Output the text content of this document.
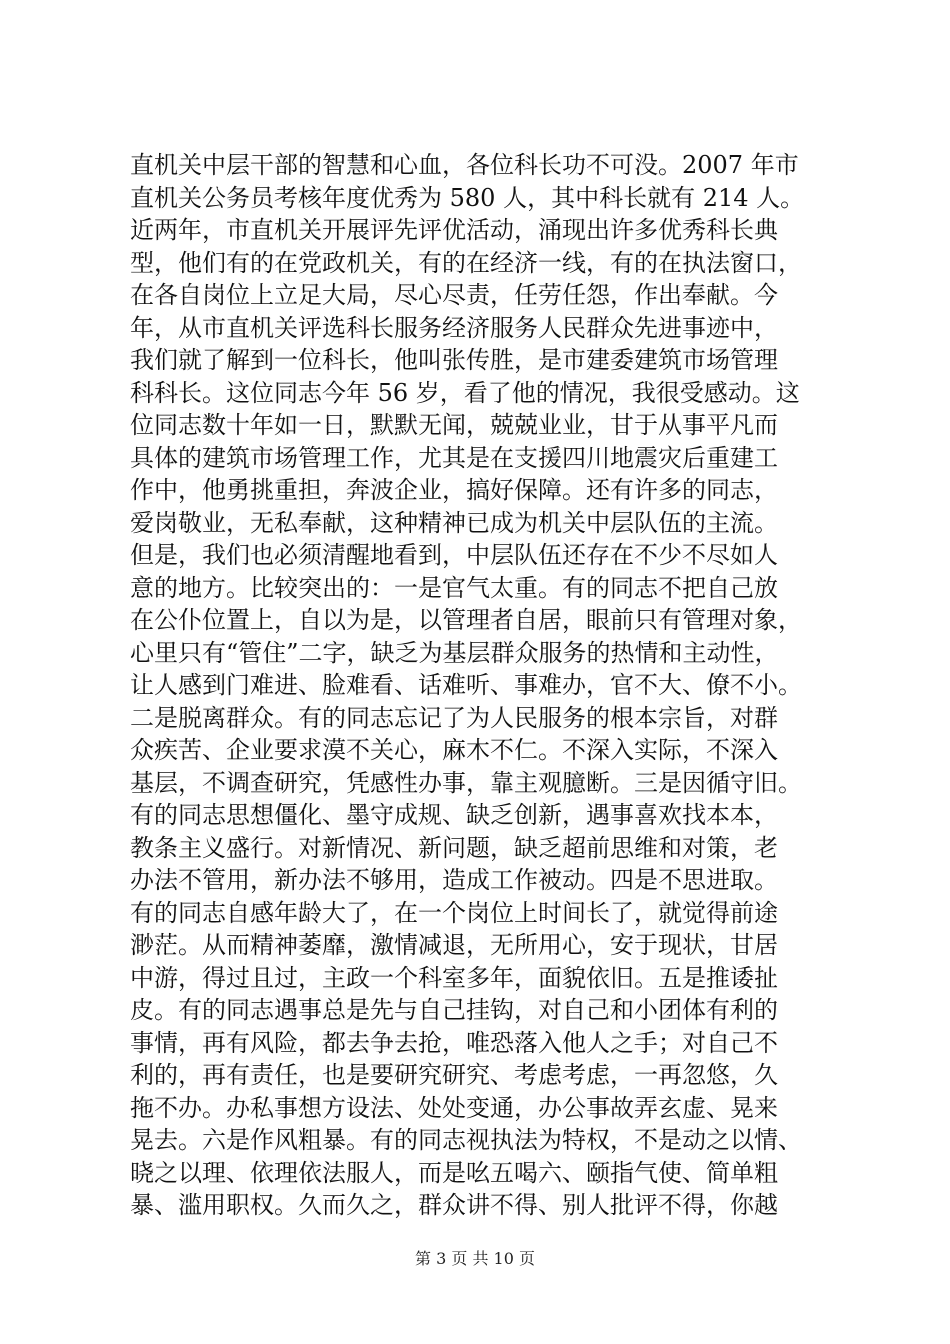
直机关中层干部的智慧和心血，各位科长功不可没。2007 年市
直机关公务员考核年度优秀为 580 人，其中科长就有 214 人。
近两年，市直机关开展评先评优活动，涌现出许多优秀科长典
型，他们有的在党政机关，有的在经济一线，有的在执法窗口，
在各自岗位上立足大局，尽心尽责，任劳任怨，作出奉献。今
年，从市直机关评选科长服务经济服务人民群众先进事迹中，
我们就了解到一位科长，他叫张传胜，是市建委建筑市场管理
科科长。这位同志今年 56 岁，看了他的情况，我很受感动。这
位同志数十年如一日，默默无闻，兢兢业业，甘于从事平凡而
具体的建筑市场管理工作，尤其是在支援四川地震灾后重建工
作中，他勇挑重担，奔波企业，搞好保障。还有许多的同志，
爱岗敬业，无私奉献，这种精神已成为机关中层队伍的主流。
但是，我们也必须清醒地看到，中层队伍还存在不少不尽如人
意的地方。比较突出的：一是官气太重。有的同志不把自己放
在公仆位置上，自以为是，以管理者自居，眼前只有管理对象，
心里只有“管住”二字，缺乏为基层群众服务的热情和主动性，
让人感到门难进、脸难看、话难听、事难办，官不大、僚不小。
二是脱离群众。有的同志忘记了为人民服务的根本宗旨，对群
众疾苦、企业要求漠不关心，麻木不仁。不深入实际，不深入
基层，不调查研究，凭感性办事，靠主观臆断。三是因循守旧。
有的同志思想僵化、墨守成规、缺乏创新，遇事喜欢找本本，
教条主义盛行。对新情况、新问题，缺乏超前思维和对策，老
办法不管用，新办法不够用，造成工作被动。四是不思进取。
有的同志自感年龄大了，在一个岗位上时间长了，就觉得前途
渺茫。从而精神萎靡，激情减退，无所用心，安于现状，甘居
中游，得过且过，主政一个科室多年，面貌依旧。五是推诿扯
皮。有的同志遇事总是先与自己挂钩，对自己和小团体有利的
事情，再有风险，都去争去抢，唯恐落入他人之手；对自己不
利的，再有责任，也是要研究研究、考虑考虑，一再忽悠，久
拖不办。办私事想方设法、处处变通，办公事故弄玄虚、晃来
晃去。六是作风粗暴。有的同志视执法为特权，不是动之以情、
晓之以理、依理依法服人，而是吆五喝六、颐指气使、简单粗
暴、滥用职权。久而久之，群众讲不得、别人批评不得，你越
第 3 页 共 10 页
